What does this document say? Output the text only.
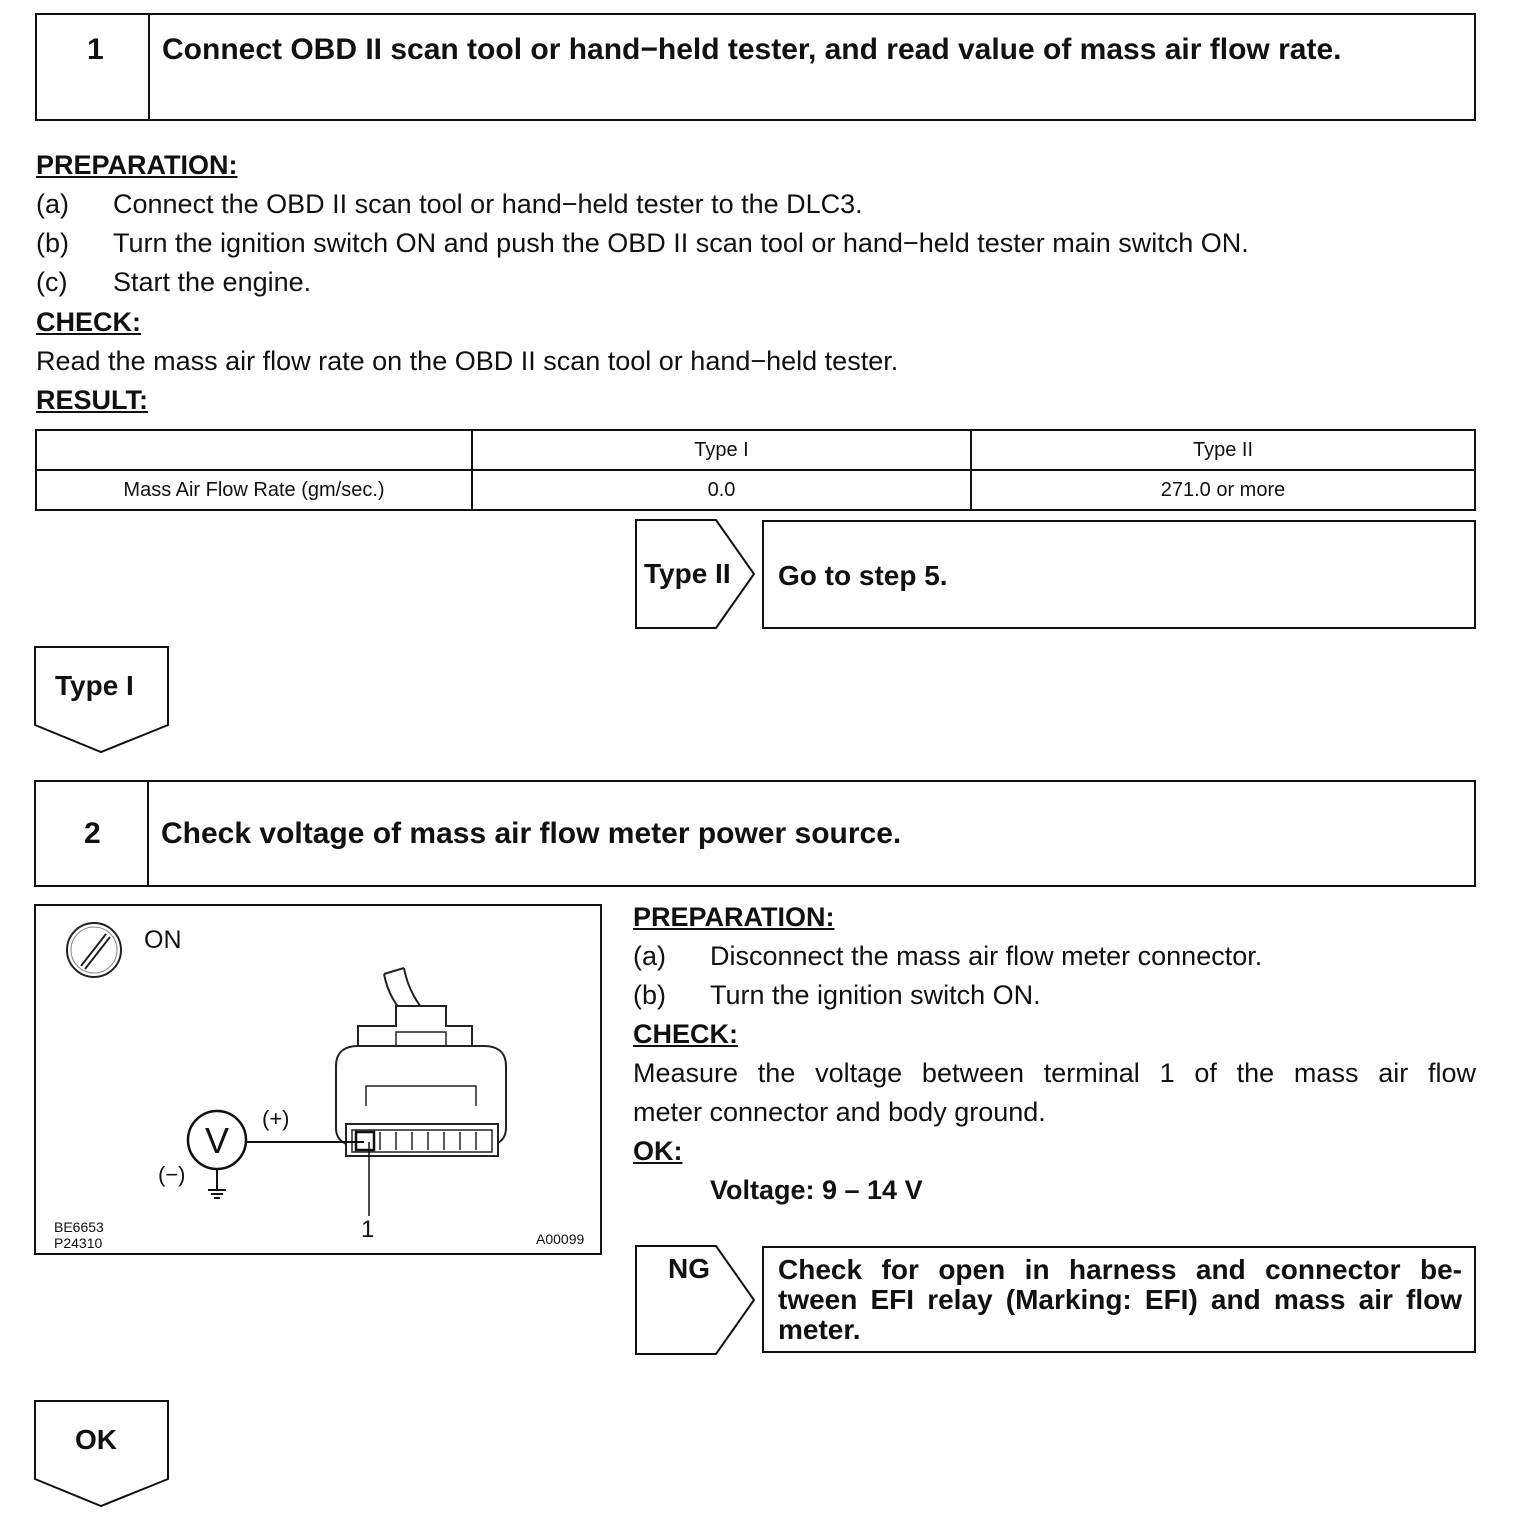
1 Connect OBD II scan tool or hand−held tester, and read value of mass air flow rate.
PREPARATION:
(a) Connect the OBD II scan tool or hand−held tester to the DLC3.
(b) Turn the ignition switch ON and push the OBD II scan tool or hand−held tester main switch ON.
(c) Start the engine.
CHECK:
Read the mass air flow rate on the OBD II scan tool or hand−held tester.
RESULT:
	Type I	Type II
Mass Air Flow Rate (gm/sec.)	0.0	271.0 or more
Type II Go to step 5.
Type I
2 Check voltage of mass air flow meter power source.
V
ON
(+)
(−)
1
BE6653
P24310	A00099
PREPARATION:
(a) Disconnect the mass air flow meter connector.
(b) Turn the ignition switch ON.
CHECK:
Measure the voltage between terminal 1 of the mass air flow
meter connector and body ground.
OK:
Voltage: 9 – 14 V
NG Check for open in harness and connector be-
tween EFI relay (Marking: EFI) and mass air flow
meter.
OK
